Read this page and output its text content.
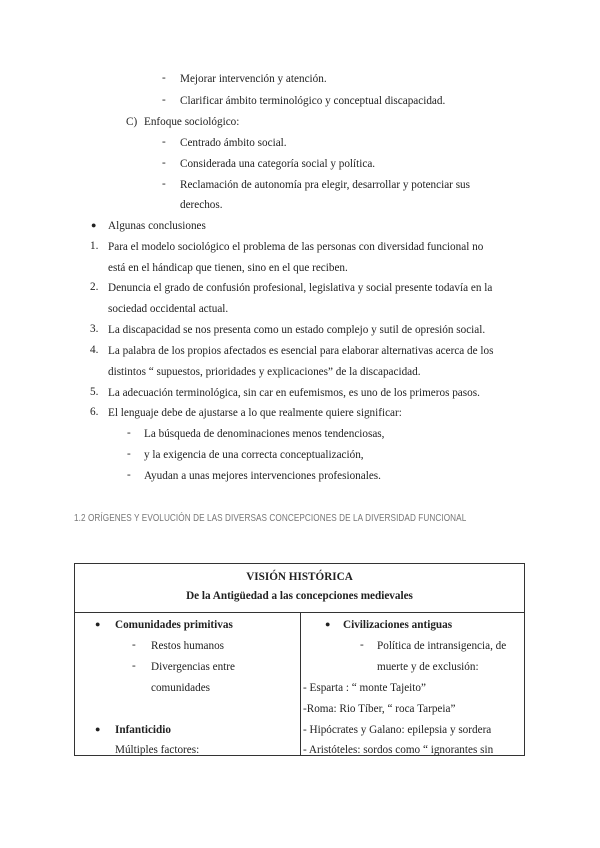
- Mejorar intervención y atención.
- Clarificar ámbito terminológico y conceptual discapacidad.
C) Enfoque sociológico:
- Centrado ámbito social.
- Considerada una categoría social y política.
- Reclamación de autonomía pra elegir, desarrollar y potenciar sus
derechos.
● Algunas conclusiones
1. Para el modelo sociológico el problema de las personas con diversidad funcional no
está en el hándicap que tienen, sino en el que reciben.
2. Denuncia el grado de confusión profesional, legislativa y social presente todavía en la
sociedad occidental actual.
3. La discapacidad se nos presenta como un estado complejo y sutil de opresión social.
4. La palabra de los propios afectados es esencial para elaborar alternativas acerca de los
distintos “ supuestos, prioridades y explicaciones” de la discapacidad.
5. La adecuación terminológica, sin car en eufemismos, es uno de los primeros pasos.
6. El lenguaje debe de ajustarse a lo que realmente quiere significar:
- La búsqueda de denominaciones menos tendenciosas,
- y la exigencia de una correcta conceptualización,
- Ayudan a unas mejores intervenciones profesionales.
1.2 ORÍGENES Y EVOLUCIÓN DE LAS DIVERSAS CONCEPCIONES DE LA DIVERSIDAD FUNCIONAL
VISIÓN HISTÓRICA
De la Antigüedad a las concepciones medievales

● Comunidades primitivas
- Restos humanos
- Divergencias entre
comunidades
● Infanticidio
Múltiples factores:

● Civilizaciones antiguas
- Política de intransigencia, de
muerte y de exclusión:
- Esparta : “ monte Tajeito”
-Roma: Rio Tíber, “ roca Tarpeia”
- Hipócrates y Galano: epilepsia y sordera
- Aristóteles: sordos como “ ignorantes sin
